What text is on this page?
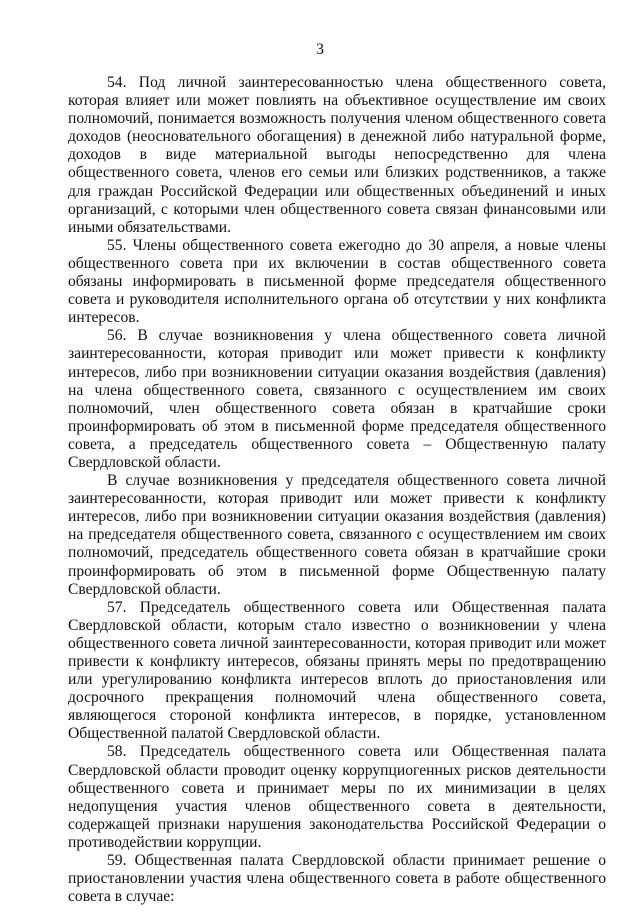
3

54. Под личной заинтересованностью члена общественного совета, которая влияет или может повлиять на объективное осуществление им своих полномочий, понимается возможность получения членом общественного совета доходов (неосновательного обогащения) в денежной либо натуральной форме, доходов в виде материальной выгоды непосредственно для члена общественного совета, членов его семьи или близких родственников, а также для граждан Российской Федерации или общественных объединений и иных организаций, с которыми член общественного совета связан финансовыми или иными обязательствами.

55. Члены общественного совета ежегодно до 30 апреля, а новые члены общественного совета при их включении в состав общественного совета обязаны информировать в письменной форме председателя общественного совета и руководителя исполнительного органа об отсутствии у них конфликта интересов.

56. В случае возникновения у члена общественного совета личной заинтересованности, которая приводит или может привести к конфликту интересов, либо при возникновении ситуации оказания воздействия (давления) на члена общественного совета, связанного с осуществлением им своих полномочий, член общественного совета обязан в кратчайшие сроки проинформировать об этом в письменной форме председателя общественного совета, а председатель общественного совета – Общественную палату Свердловской области.

В случае возникновения у председателя общественного совета личной заинтересованности, которая приводит или может привести к конфликту интересов, либо при возникновении ситуации оказания воздействия (давления) на председателя общественного совета, связанного с осуществлением им своих полномочий, председатель общественного совета обязан в кратчайшие сроки проинформировать об этом в письменной форме Общественную палату Свердловской области.

57. Председатель общественного совета или Общественная палата Свердловской области, которым стало известно о возникновении у члена общественного совета личной заинтересованности, которая приводит или может привести к конфликту интересов, обязаны принять меры по предотвращению или урегулированию конфликта интересов вплоть до приостановления или досрочного прекращения полномочий члена общественного совета, являющегося стороной конфликта интересов, в порядке, установленном Общественной палатой Свердловской области.

58. Председатель общественного совета или Общественная палата Свердловской области проводит оценку коррупциогенных рисков деятельности общественного совета и принимает меры по их минимизации в целях недопущения участия членов общественного совета в деятельности, содержащей признаки нарушения законодательства Российской Федерации о противодействии коррупции.

59. Общественная палата Свердловской области принимает решение о приостановлении участия члена общественного совета в работе общественного совета в случае:
